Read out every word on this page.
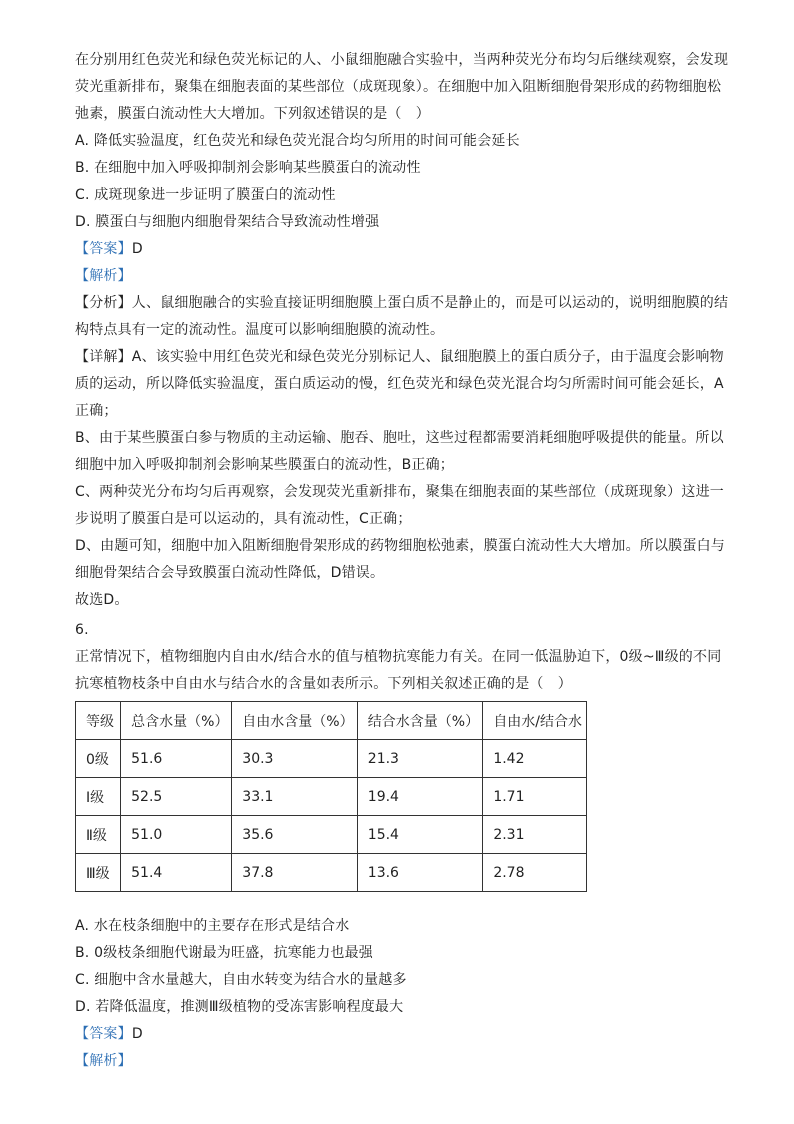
在分别用红色荧光和绿色荧光标记的人、小鼠细胞融合实验中，当两种荧光分布均匀后继续观察，会发现
荧光重新排布，聚集在细胞表面的某些部位（成斑现象）。在细胞中加入阻断细胞骨架形成的药物细胞松
弛素，膜蛋白流动性大大增加。下列叙述错误的是（　）
A. 降低实验温度，红色荧光和绿色荧光混合均匀所用的时间可能会延长
B. 在细胞中加入呼吸抑制剂会影响某些膜蛋白的流动性
C. 成斑现象进一步证明了膜蛋白的流动性
D. 膜蛋白与细胞内细胞骨架结合导致流动性增强
【答案】D
【解析】
【分析】人、鼠细胞融合的实验直接证明细胞膜上蛋白质不是静止的，而是可以运动的，说明细胞膜的结
构特点具有一定的流动性。温度可以影响细胞膜的流动性。
【详解】A、该实验中用红色荧光和绿色荧光分别标记人、鼠细胞膜上的蛋白质分子，由于温度会影响物
质的运动，所以降低实验温度，蛋白质运动的慢，红色荧光和绿色荧光混合均匀所需时间可能会延长，A
正确；
B、由于某些膜蛋白参与物质的主动运输、胞吞、胞吐，这些过程都需要消耗细胞呼吸提供的能量。所以
细胞中加入呼吸抑制剂会影响某些膜蛋白的流动性，B正确；
C、两种荧光分布均匀后再观察，会发现荧光重新排布，聚集在细胞表面的某些部位（成斑现象）这进一
步说明了膜蛋白是可以运动的，具有流动性，C正确；
D、由题可知，细胞中加入阻断细胞骨架形成的药物细胞松弛素，膜蛋白流动性大大增加。所以膜蛋白与
细胞骨架结合会导致膜蛋白流动性降低，D错误。
故选D。
6.
正常情况下，植物细胞内自由水/结合水的值与植物抗寒能力有关。在同一低温胁迫下，0级~Ⅲ级的不同
抗寒植物枝条中自由水与结合水的含量如表所示。下列相关叙述正确的是（　）
等级	总含水量（%）	自由水含量（%）	结合水含量（%）	自由水/结合水
0级	51.6	30.3	21.3	1.42
Ⅰ级	52.5	33.1	19.4	1.71
Ⅱ级	51.0	35.6	15.4	2.31
Ⅲ级	51.4	37.8	13.6	2.78
A. 水在枝条细胞中的主要存在形式是结合水
B. 0级枝条细胞代谢最为旺盛，抗寒能力也最强
C. 细胞中含水量越大，自由水转变为结合水的量越多
D. 若降低温度，推测Ⅲ级植物的受冻害影响程度最大
【答案】D
【解析】
